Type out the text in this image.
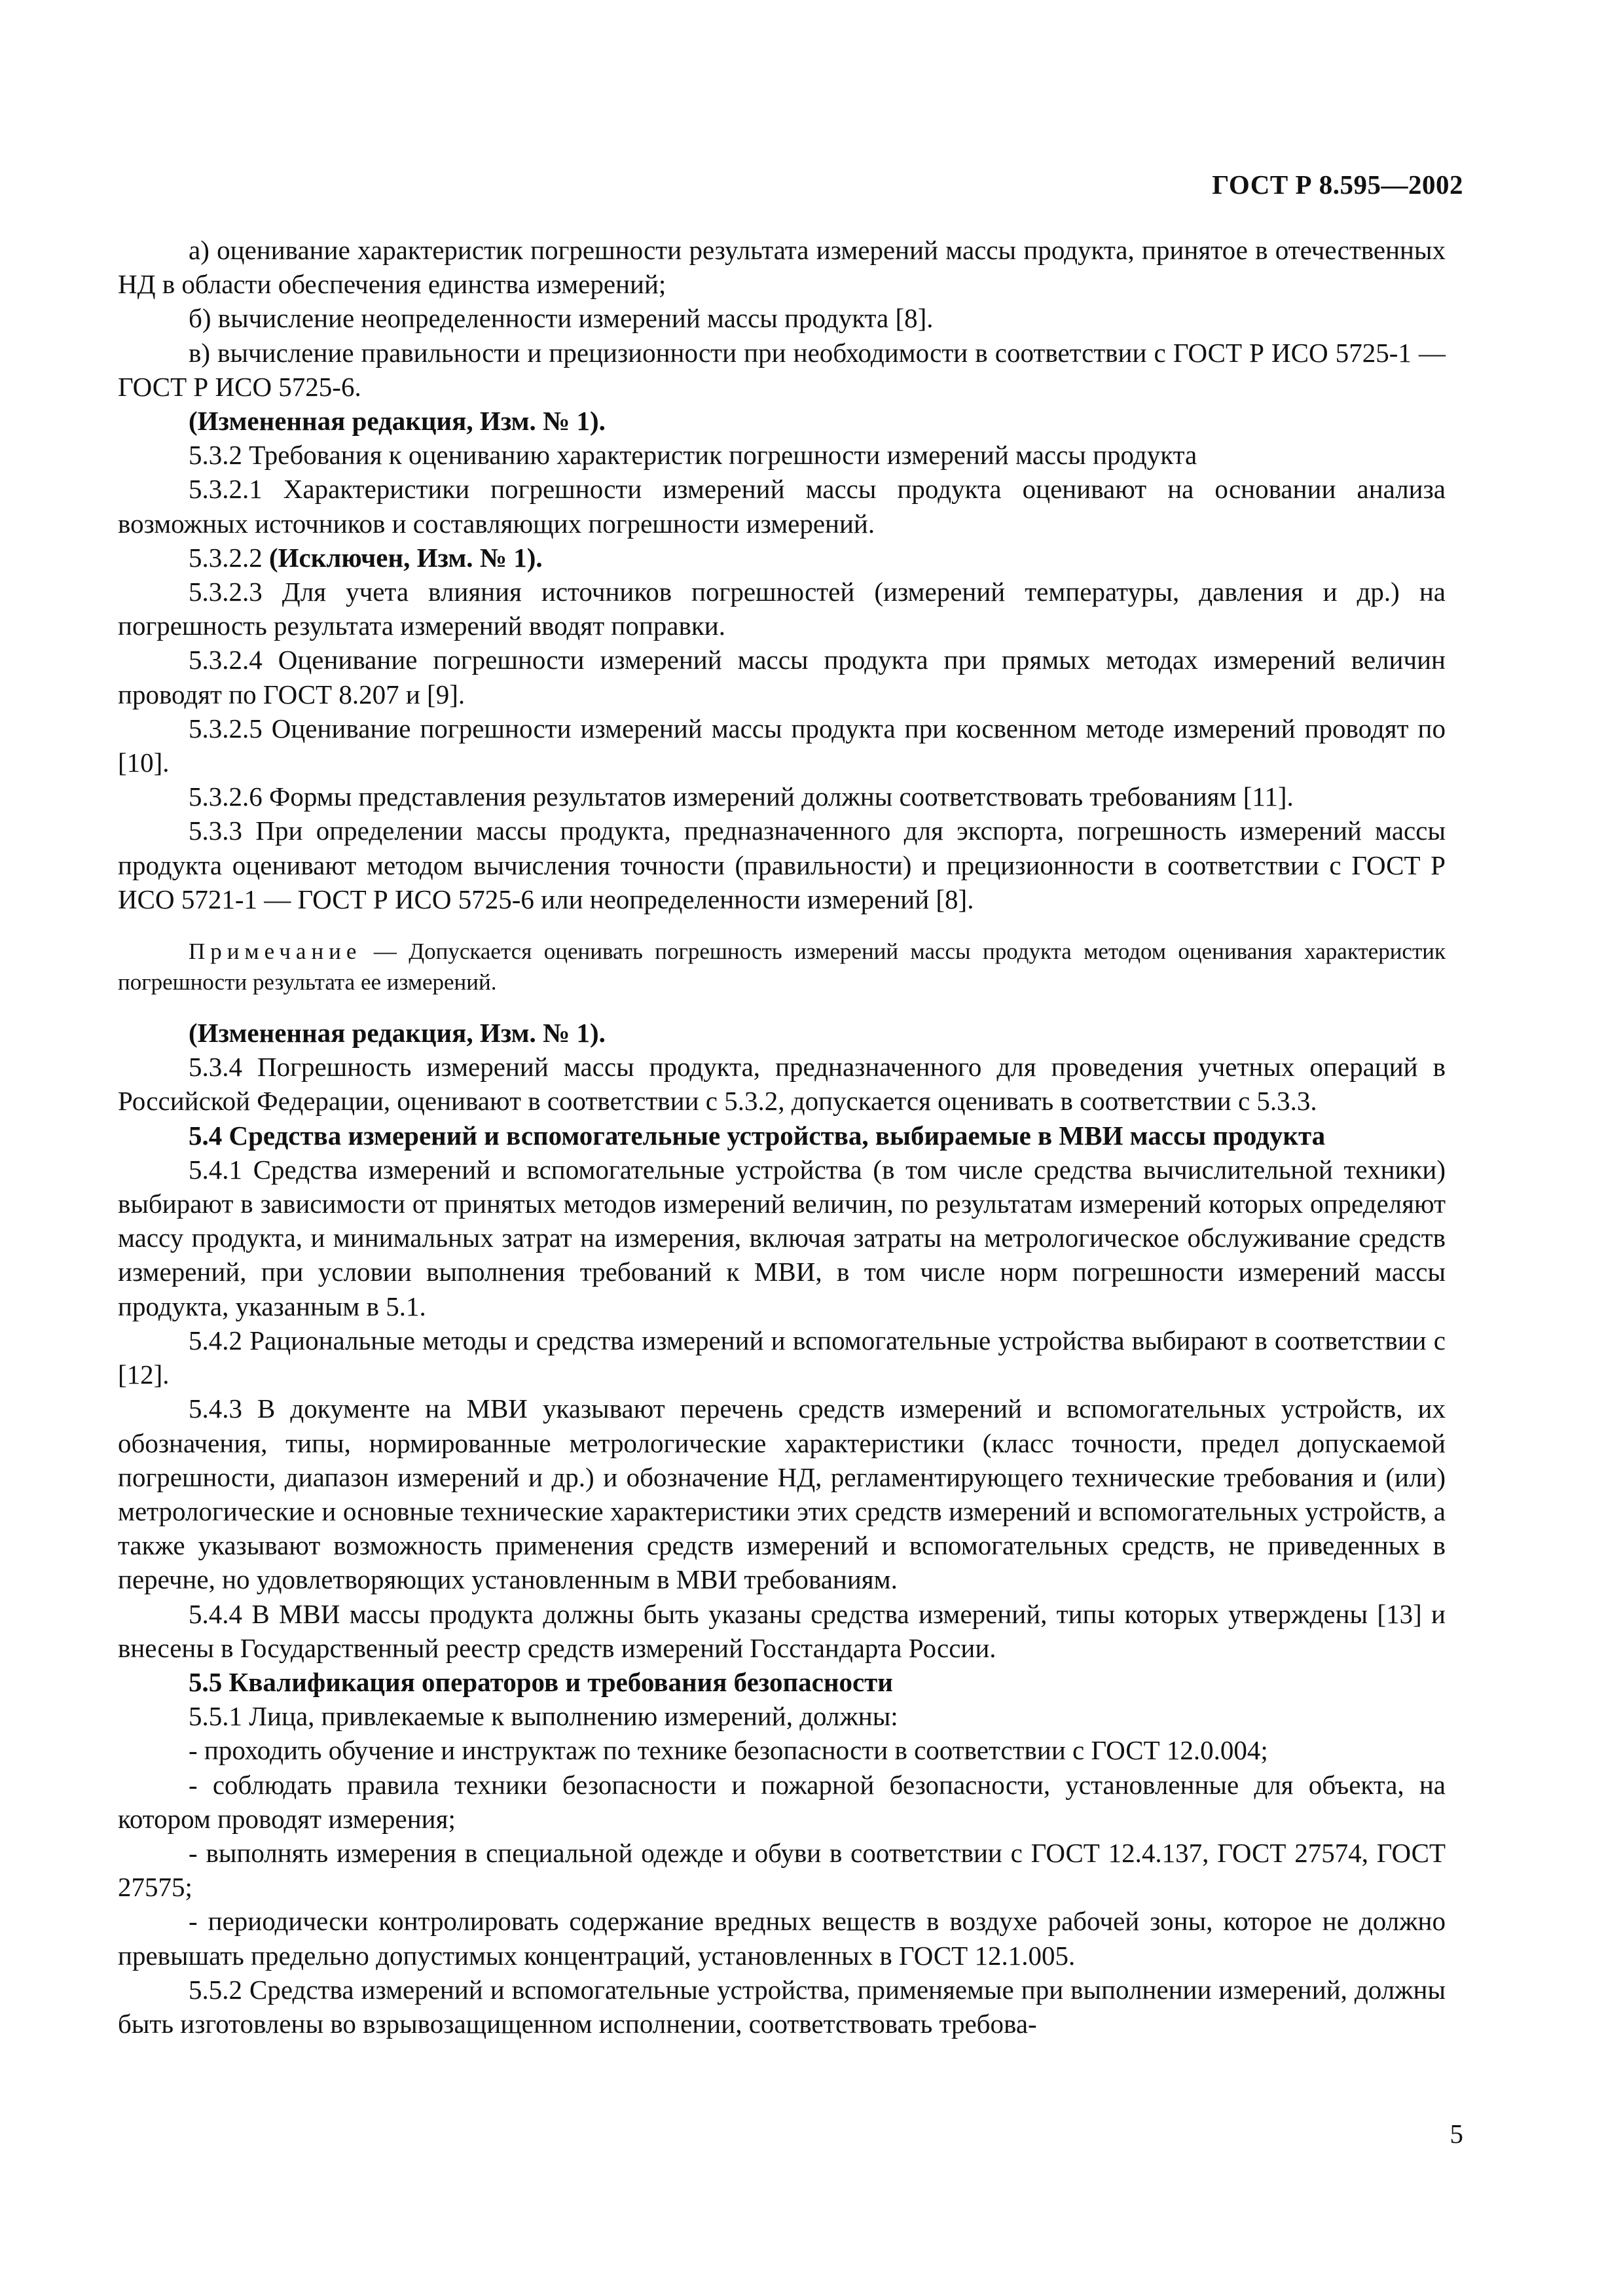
ГОСТ Р 8.595—2002

а) оценивание характеристик погрешности результата измерений массы продукта, принятое в отечественных НД в области обеспечения единства измерений;

б) вычисление неопределенности измерений массы продукта [8].

в) вычисление правильности и прецизионности при необходимости в соответствии с ГОСТ Р ИСО 5725-1 — ГОСТ Р ИСО 5725-6.

(Измененная редакция, Изм. № 1).

5.3.2 Требования к оцениванию характеристик погрешности измерений массы продукта

5.3.2.1 Характеристики погрешности измерений массы продукта оценивают на основании анализа возможных источников и составляющих погрешности измерений.

5.3.2.2 (Исключен, Изм. № 1).

5.3.2.3 Для учета влияния источников погрешностей (измерений температуры, давления и др.) на погрешность результата измерений вводят поправки.

5.3.2.4 Оценивание погрешности измерений массы продукта при прямых методах измерений величин проводят по ГОСТ 8.207 и [9].

5.3.2.5 Оценивание погрешности измерений массы продукта при косвенном методе измерений проводят по [10].

5.3.2.6 Формы представления результатов измерений должны соответствовать требованиям [11].

5.3.3 При определении массы продукта, предназначенного для экспорта, погрешность измерений массы продукта оценивают методом вычисления точности (правильности) и прецизионности в соответствии с ГОСТ Р ИСО 5721-1 — ГОСТ Р ИСО 5725-6 или неопределенности измерений [8].

Примечание — Допускается оценивать погрешность измерений массы продукта методом оценивания характеристик погрешности результата ее измерений.

(Измененная редакция, Изм. № 1).

5.3.4 Погрешность измерений массы продукта, предназначенного для проведения учетных операций в Российской Федерации, оценивают в соответствии с 5.3.2, допускается оценивать в соответствии с 5.3.3.

5.4 Средства измерений и вспомогательные устройства, выбираемые в МВИ массы продукта

5.4.1 Средства измерений и вспомогательные устройства (в том числе средства вычислительной техники) выбирают в зависимости от принятых методов измерений величин, по результатам измерений которых определяют массу продукта, и минимальных затрат на измерения, включая затраты на метрологическое обслуживание средств измерений, при условии выполнения требований к МВИ, в том числе норм погрешности измерений массы продукта, указанным в 5.1.

5.4.2 Рациональные методы и средства измерений и вспомогательные устройства выбирают в соответствии с [12].

5.4.3 В документе на МВИ указывают перечень средств измерений и вспомогательных устройств, их обозначения, типы, нормированные метрологические характеристики (класс точности, предел допускаемой погрешности, диапазон измерений и др.) и обозначение НД, регламентирующего технические требования и (или) метрологические и основные технические характеристики этих средств измерений и вспомогательных устройств, а также указывают возможность применения средств измерений и вспомогательных средств, не приведенных в перечне, но удовлетворяющих установленным в МВИ требованиям.

5.4.4 В МВИ массы продукта должны быть указаны средства измерений, типы которых утверждены [13] и внесены в Государственный реестр средств измерений Госстандарта России.

5.5 Квалификация операторов и требования безопасности

5.5.1 Лица, привлекаемые к выполнению измерений, должны:

- проходить обучение и инструктаж по технике безопасности в соответствии с ГОСТ 12.0.004;

- соблюдать правила техники безопасности и пожарной безопасности, установленные для объекта, на котором проводят измерения;

- выполнять измерения в специальной одежде и обуви в соответствии с ГОСТ 12.4.137, ГОСТ 27574, ГОСТ 27575;

- периодически контролировать содержание вредных веществ в воздухе рабочей зоны, которое не должно превышать предельно допустимых концентраций, установленных в ГОСТ 12.1.005.

5.5.2 Средства измерений и вспомогательные устройства, применяемые при выполнении измерений, должны быть изготовлены во взрывозащищенном исполнении, соответствовать требова-

5
